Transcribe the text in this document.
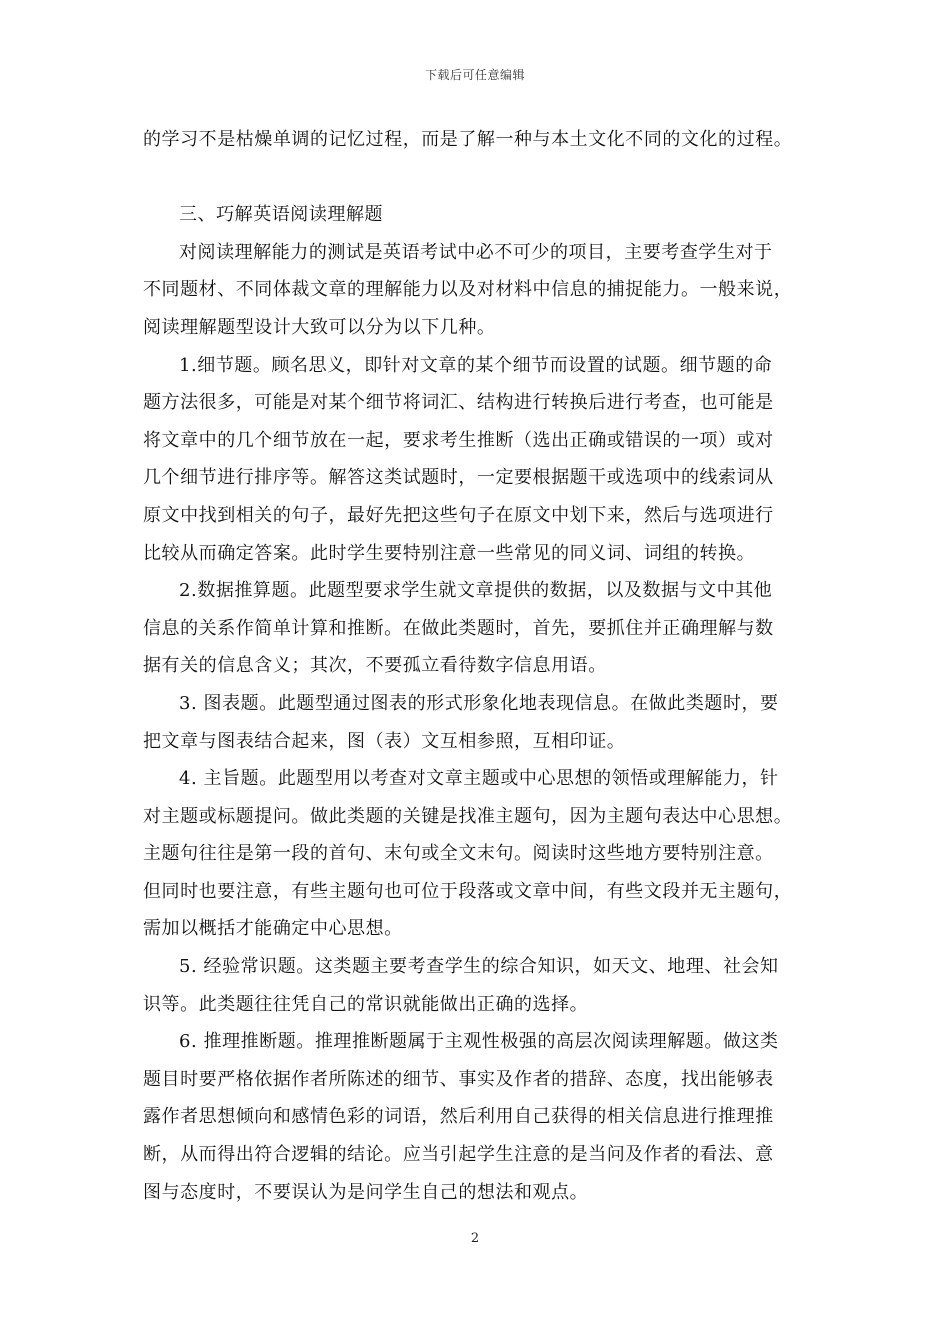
下载后可任意编辑
的学习不是枯燥单调的记忆过程，而是了解一种与本土文化不同的文化的过程。
三、巧解英语阅读理解题
对阅读理解能力的测试是英语考试中必不可少的项目，主要考查学生对于
不同题材、不同体裁文章的理解能力以及对材料中信息的捕捉能力。一般来说，
阅读理解题型设计大致可以分为以下几种。
1.细节题。顾名思义，即针对文章的某个细节而设置的试题。细节题的命
题方法很多，可能是对某个细节将词汇、结构进行转换后进行考查，也可能是
将文章中的几个细节放在一起，要求考生推断（选出正确或错误的一项）或对
几个细节进行排序等。解答这类试题时，一定要根据题干或选项中的线索词从
原文中找到相关的句子，最好先把这些句子在原文中划下来，然后与选项进行
比较从而确定答案。此时学生要特别注意一些常见的同义词、词组的转换。
2.数据推算题。此题型要求学生就文章提供的数据，以及数据与文中其他
信息的关系作简单计算和推断。在做此类题时，首先，要抓住并正确理解与数
据有关的信息含义；其次，不要孤立看待数字信息用语。
3. 图表题。此题型通过图表的形式形象化地表现信息。在做此类题时，要
把文章与图表结合起来，图（表）文互相参照，互相印证。
4. 主旨题。此题型用以考查对文章主题或中心思想的领悟或理解能力，针
对主题或标题提问。做此类题的关键是找准主题句，因为主题句表达中心思想。
主题句往往是第一段的首句、末句或全文末句。阅读时这些地方要特别注意。
但同时也要注意，有些主题句也可位于段落或文章中间，有些文段并无主题句，
需加以概括才能确定中心思想。
5. 经验常识题。这类题主要考查学生的综合知识，如天文、地理、社会知
识等。此类题往往凭自己的常识就能做出正确的选择。
6. 推理推断题。推理推断题属于主观性极强的高层次阅读理解题。做这类
题目时要严格依据作者所陈述的细节、事实及作者的措辞、态度，找出能够表
露作者思想倾向和感情色彩的词语，然后利用自己获得的相关信息进行推理推
断，从而得出符合逻辑的结论。应当引起学生注意的是当问及作者的看法、意
图与态度时，不要误认为是问学生自己的想法和观点。
2
